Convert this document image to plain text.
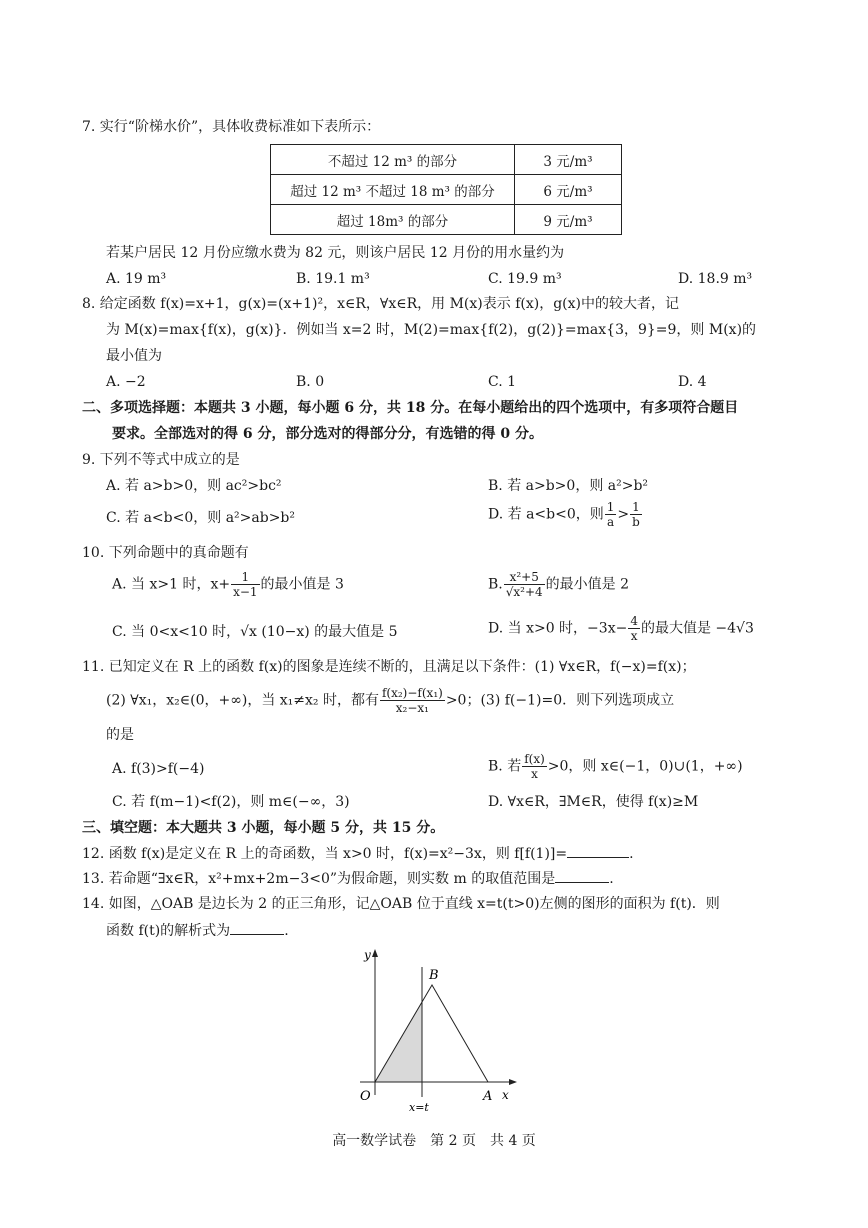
7. 实行“阶梯水价”，具体收费标准如下表所示：
不超过 12 m³ 的部分	3 元/m³
超过 12 m³ 不超过 18 m³ 的部分	6 元/m³
超过 18m³ 的部分	9 元/m³
若某户居民 12 月份应缴水费为 82 元，则该户居民 12 月份的用水量约为
A. 19 m³	B. 19.1 m³	C. 19.9 m³	D. 18.9 m³
8. 给定函数 f(x)=x+1，g(x)=(x+1)²，x∈R，∀x∈R，用 M(x)表示 f(x)，g(x)中的较大者，记
为 M(x)=max{f(x)，g(x)}．例如当 x=2 时，M(2)=max{f(2)，g(2)}=max{3，9}=9，则 M(x)的
最小值为
A. −2	B. 0	C. 1	D. 4
二、多项选择题：本题共 3 小题，每小题 6 分，共 18 分。在每小题给出的四个选项中，有多项符合题目
要求。全部选对的得 6 分，部分选对的得部分分，有选错的得 0 分。
9. 下列不等式中成立的是
A. 若 a>b>0，则 ac²>bc²	B. 若 a>b>0，则 a²>b²
C. 若 a<b<0，则 a²>ab>b²	D. 若 a<b<0，则 $\frac{1}{a} > \frac{1}{b}$
10. 下列命题中的真命题有
A. 当 x>1 时，$x+ \frac{1}{x-1}$ 的最小值是 3	B. $\frac{\text{x²+5}}{\text{√x²+4}}$ 的最小值是 2
C. 当 0<x<10 时，√x (10−x) 的最大值是 5	D. 当 x>0 时，$-3x- \frac{4}{x}$ 的最大值是 −4√3
11. 已知定义在 R 上的函数 f(x)的图象是连续不断的，且满足以下条件：(1) ∀x∈R，f(−x)=f(x)；
(2) ∀x₁，x₂∈(0，+∞)，当 x₁≠x₂ 时，都有 $\frac{\text{f(x₂)−f(x₁)}}{\text{x₂−x₁}} >0$；(3) f(−1)=0．则下列选项成立
的是
A. f(3)>f(−4)	B. 若 $\frac{f(x)}{x} >0$，则 x∈(−1，0)∪(1，+∞)
C. 若 f(m−1)<f(2)，则 m∈(−∞，3)	D. ∀x∈R，∃M∈R，使得 f(x)≥M
三、填空题：本大题共 3 小题，每小题 5 分，共 15 分。
12. 函数 f(x)是定义在 R 上的奇函数，当 x>0 时，f(x)=x²−3x，则 f[f(1)]=	.
13. 若命题“∃x∈R，x²+mx+2m−3<0”为假命题，则实数 m 的取值范围是	.
14. 如图，△OAB 是边长为 2 的正三角形，记△OAB 位于直线 x=t(t>0)左侧的图形的面积为 f(t)．则
函数 f(t)的解析式为	.
y
B
O	A x
x=t
高一数学试卷　第 2 页　共 4 页
